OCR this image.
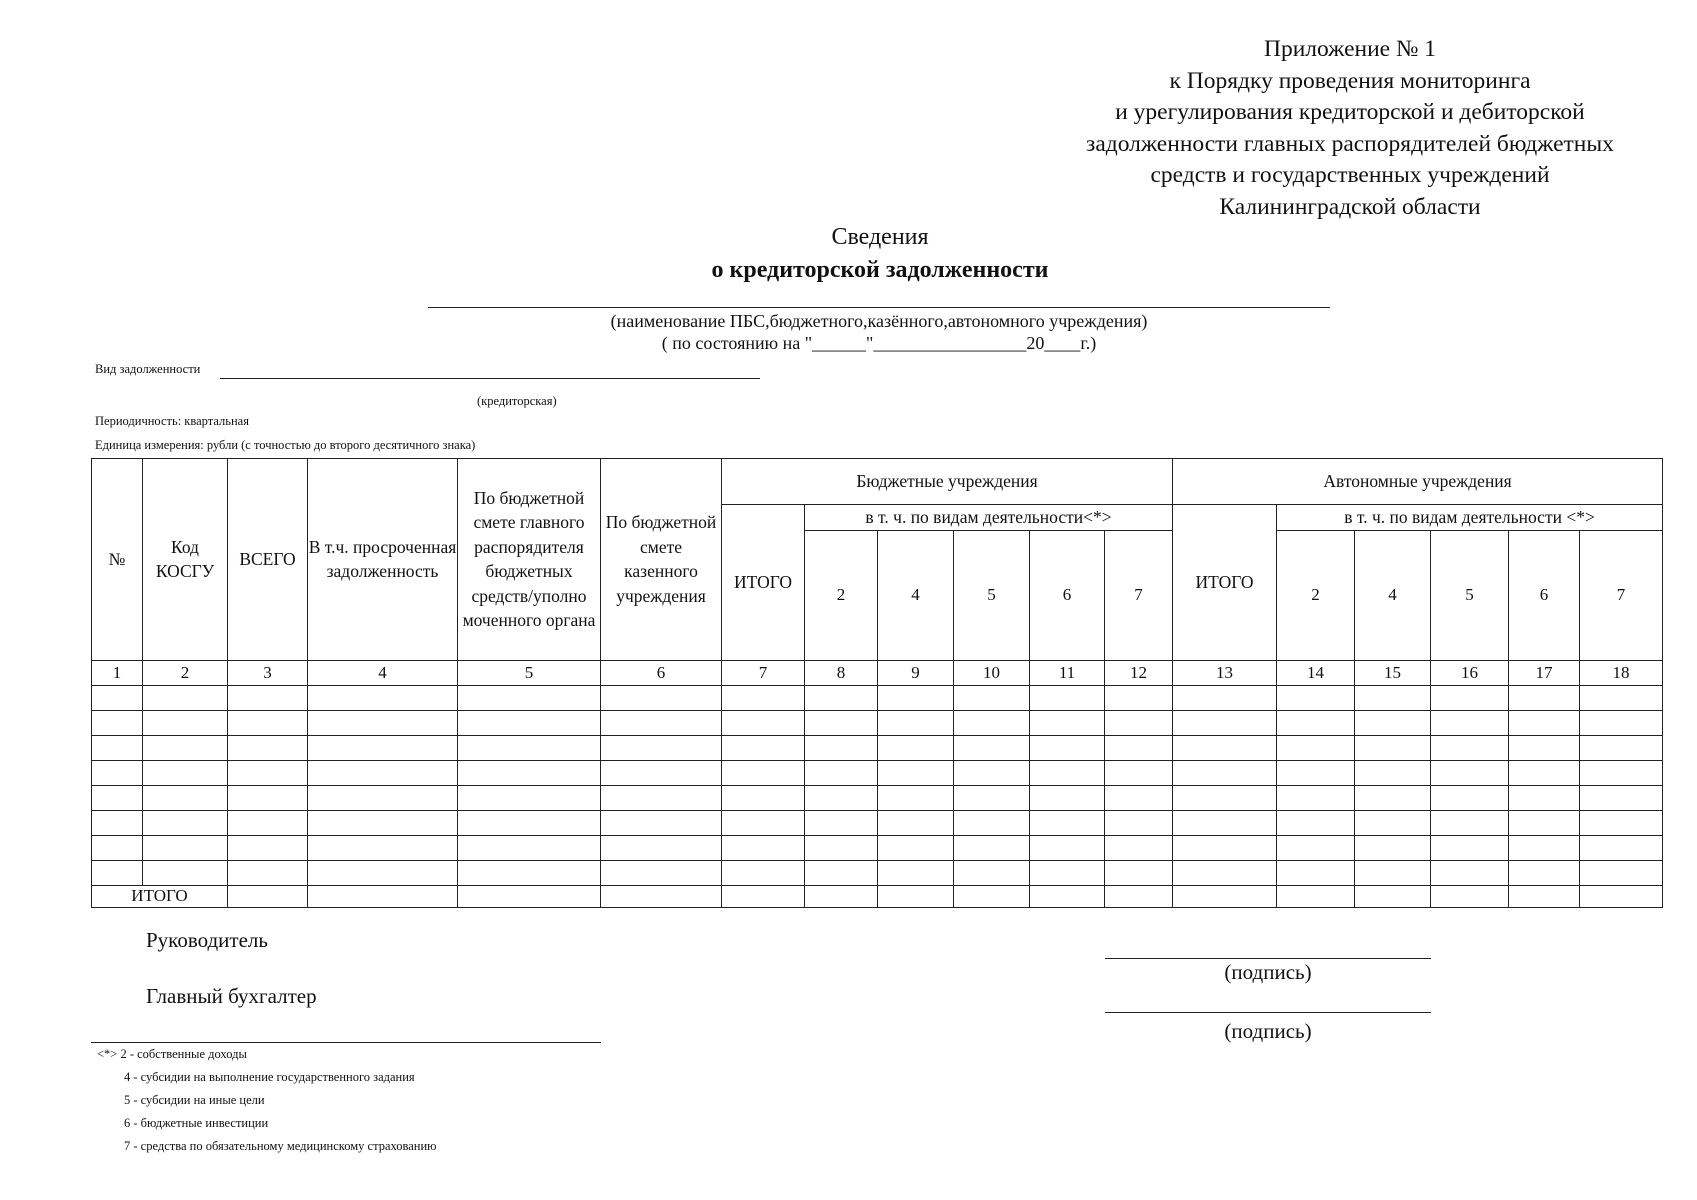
Приложение № 1
к Порядку проведения мониторинга
и урегулирования кредиторской и дебиторской
задолженности главных распорядителей бюджетных
средств и государственных учреждений
Калининградской области
Сведения
о кредиторской задолженности
(наименование ПБС,бюджетного,казённого,автономного учреждения)
( по состоянию на "______"_________________20____г.)
Вид задолженности
(кредиторская)
Периодичность: квартальная
Единица измерения: рубли (с точностью до второго десятичного знака)
№	Код КОСГУ	ВСЕГО	В т.ч. просроченная задолженность	По бюджетной смете главного распорядителя бюджетных средств/уполно моченного органа	По бюджетной смете казенного учреждения	Бюджетные учреждения						Автономные учреждения					
						ИТОГО	в т. ч. по видам деятельности<*>					ИТОГО	в т. ч. по видам деятельности <*>				
							2	4	5	6	7		2	4	5	6	7
1	2	3	4	5	6	7	8	9	10	11	12	13	14	15	16	17	18

ИТОГО																	
Руководитель
Главный бухгалтер
(подпись)
(подпись)
<*> 2 - собственные доходы
4 - субсидии на выполнение государственного задания
5 - субсидии на иные цели
6 - бюджетные инвестиции
7 - средства по обязательному медицинскому страхованию
